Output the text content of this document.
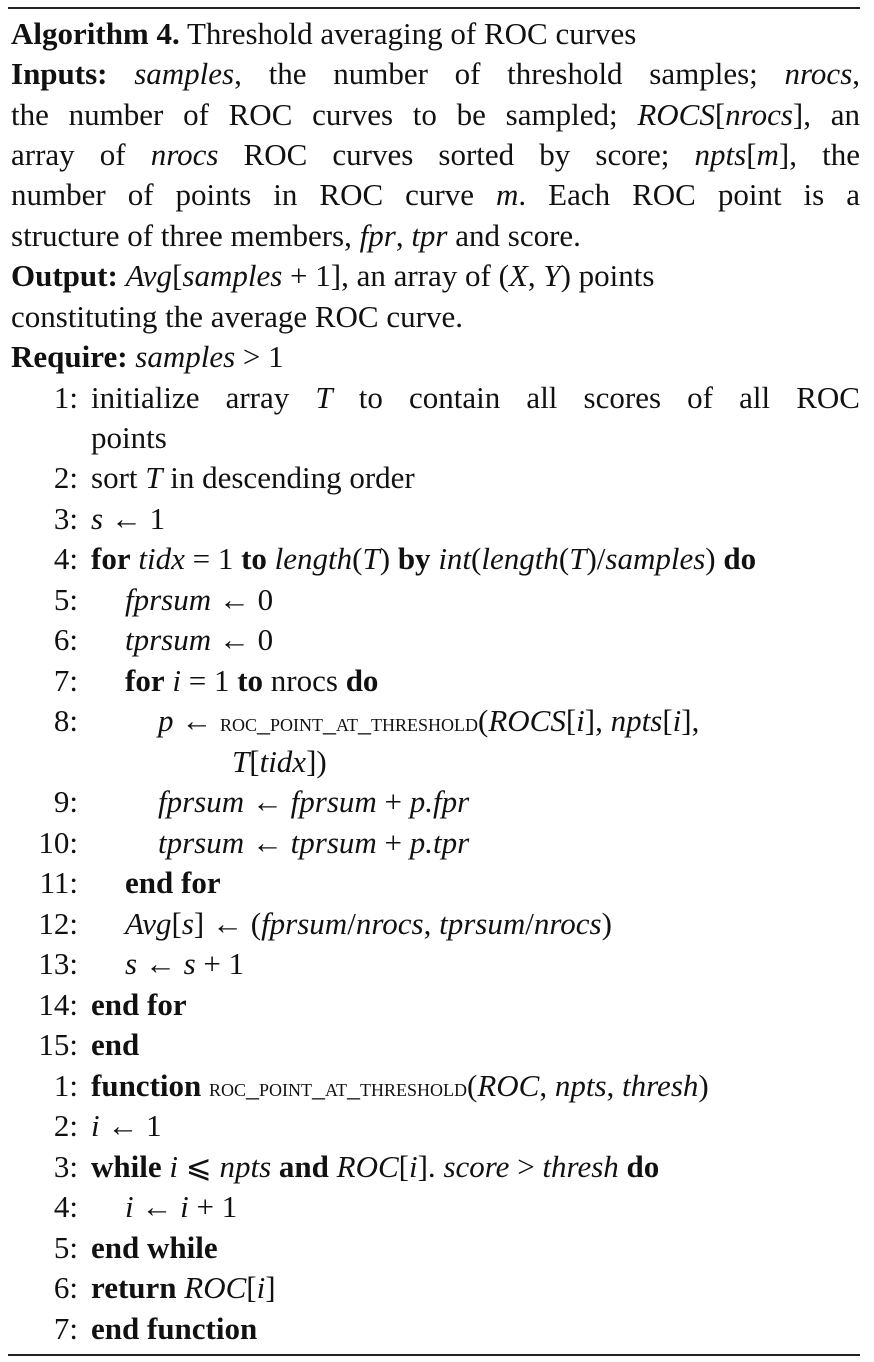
Algorithm 4. Threshold averaging of ROC curves
Inputs: samples, the number of threshold samples; nrocs,
the number of ROC curves to be sampled; ROCS[nrocs], an
array of nrocs ROC curves sorted by score; npts[m], the
number of points in ROC curve m. Each ROC point is a
structure of three members, fpr, tpr and score.
Output: Avg[samples + 1], an array of (X, Y) points
constituting the average ROC curve.
Require: samples > 1
1: initialize array T to contain all scores of all ROC
points
2: sort T in descending order
3: s ← 1
4: for tidx = 1 to length(T) by int(length(T)/samples) do
5: fprsum ← 0
6: tprsum ← 0
7: for i = 1 to nrocs do
8:	p ← roc_point_at_threshold(ROCS[i], npts[i],
T[tidx])
9:	fprsum ← fprsum + p.fpr
10:	tprsum ← tprsum + p.tpr
11: end for
12: Avg[s] ← (fprsum/nrocs, tprsum/nrocs)
13: s ← s + 1
14: end for
15: end
1: function roc_point_at_threshold(ROC, npts, thresh)
2: i ← 1
3: while i ⩽ npts and ROC[i]. score > thresh do
4: i ← i + 1
5: end while
6: return ROC[i]
7: end function
